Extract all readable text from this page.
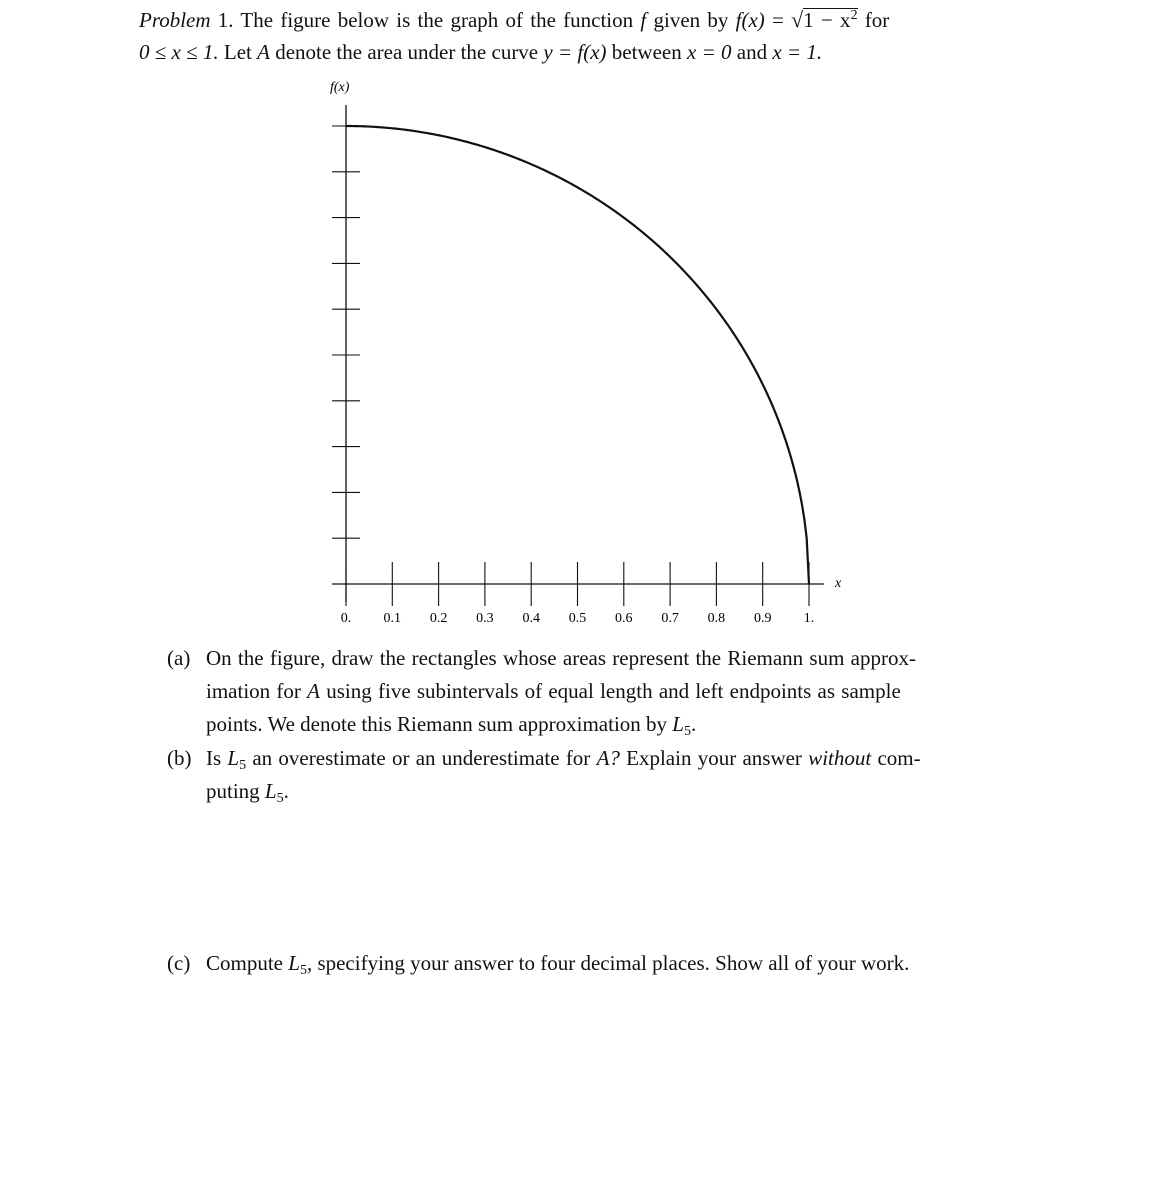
Problem 1. The figure below is the graph of the function f given by $f(x) = √1 - x^2$ for
0 ≤ x ≤ 1. Let A denote the area under the curve y = f(x) between x = 0 and x = 1.
f(x)
x
0. 0.1 0.2 0.3 0.4 0.5 0.6 0.7 0.8 0.9 1.
(a) On the figure, draw the rectangles whose areas represent the Riemann sum approx-
imation for A using five subintervals of equal length and left endpoints as sample
points. We denote this Riemann sum approximation by $L_5$.
(b) Is $L_5$ an overestimate or an underestimate for A? Explain your answer without com-
puting $L_5$.
(c) Compute $L_5$, specifying your answer to four decimal places. Show all of your work.
